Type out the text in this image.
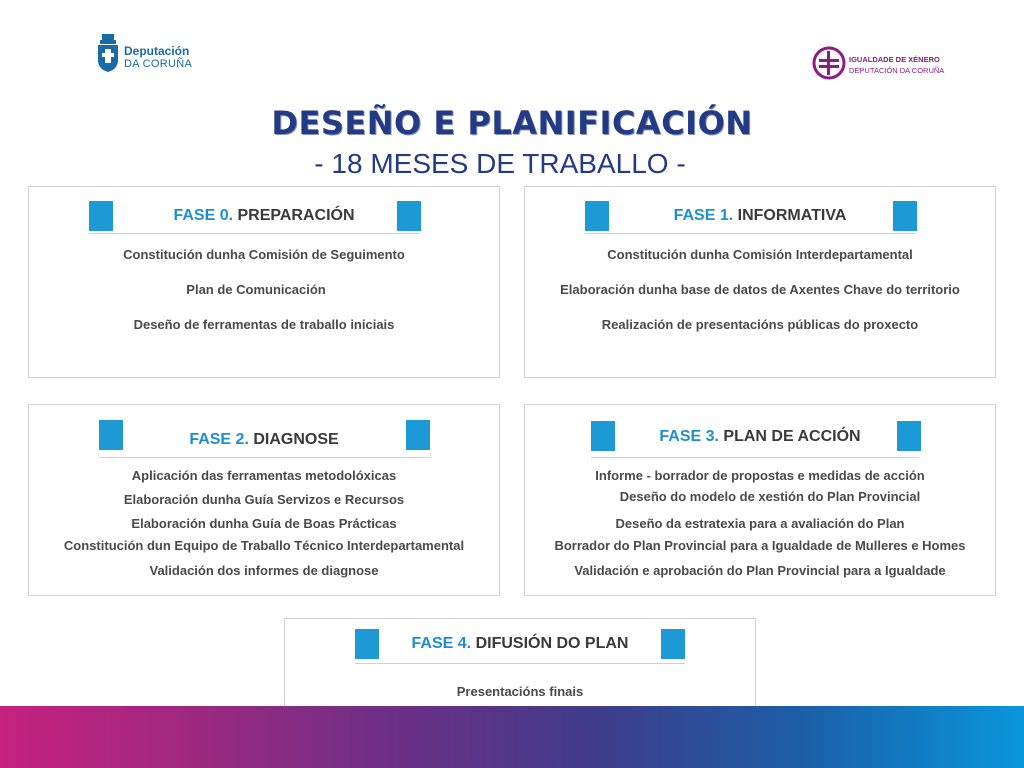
Deputación
DA CORUÑA	IGUALDADE DE XÉNERO
DEPUTACIÓN DA CORUÑA
DESEÑO E PLANIFICACIÓN
- 18 MESES DE TRABALLO -
FASE 0. PREPARACIÓN
Constitución dunha Comisión de Seguimento
Plan de Comunicación
Deseño de ferramentas de traballo iniciais
FASE 1. INFORMATIVA
Constitución dunha Comisión Interdepartamental
Elaboración dunha base de datos de Axentes Chave do territorio
Realización de presentacións públicas do proxecto
FASE 2. DIAGNOSE
Aplicación das ferramentas metodolóxicas
Elaboración dunha Guía Servizos e Recursos
Elaboración dunha Guía de Boas Prácticas
Constitución dun Equipo de Traballo Técnico Interdepartamental
Validación dos informes de diagnose
FASE 3. PLAN DE ACCIÓN
Informe - borrador de propostas e medidas de acción
Deseño do modelo de xestión do Plan Provincial
Deseño da estratexia para a avaliación do Plan
Borrador do Plan Provincial para a Igualdade de Mulleres e Homes
Validación e aprobación do Plan Provincial para a Igualdade
FASE 4. DIFUSIÓN DO PLAN
Presentacións finais
